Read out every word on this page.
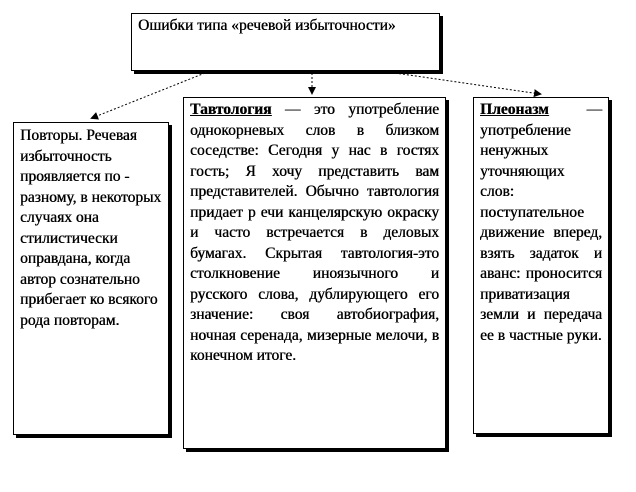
Ошибки типа «речевой избыточности»
Повторы. Речевая избыточность проявляется по - разному, в некоторых случаях она стилистически оправдана, когда автор сознательно прибегает ко всякого рода повторам.
Тавтология — это употребление однокорневых слов в близком соседстве: Сегодня у нас в гостях гость; Я хочу представить вам представителей. Обычно тавтология придает р ечи канцелярскую окраску и часто встречается в деловых бумагах. Скрытая тавтология-это столкновение иноязычного и русского слова, дублирующего его значение: своя автобиография, ночная серенада, мизерные мелочи, в конечном итоге.
Плеоназм — употребление ненужных уточняющих слов: поступательное движение вперед, взять задаток и аванс: проносится приватизация земли и передача ее в частные руки.
